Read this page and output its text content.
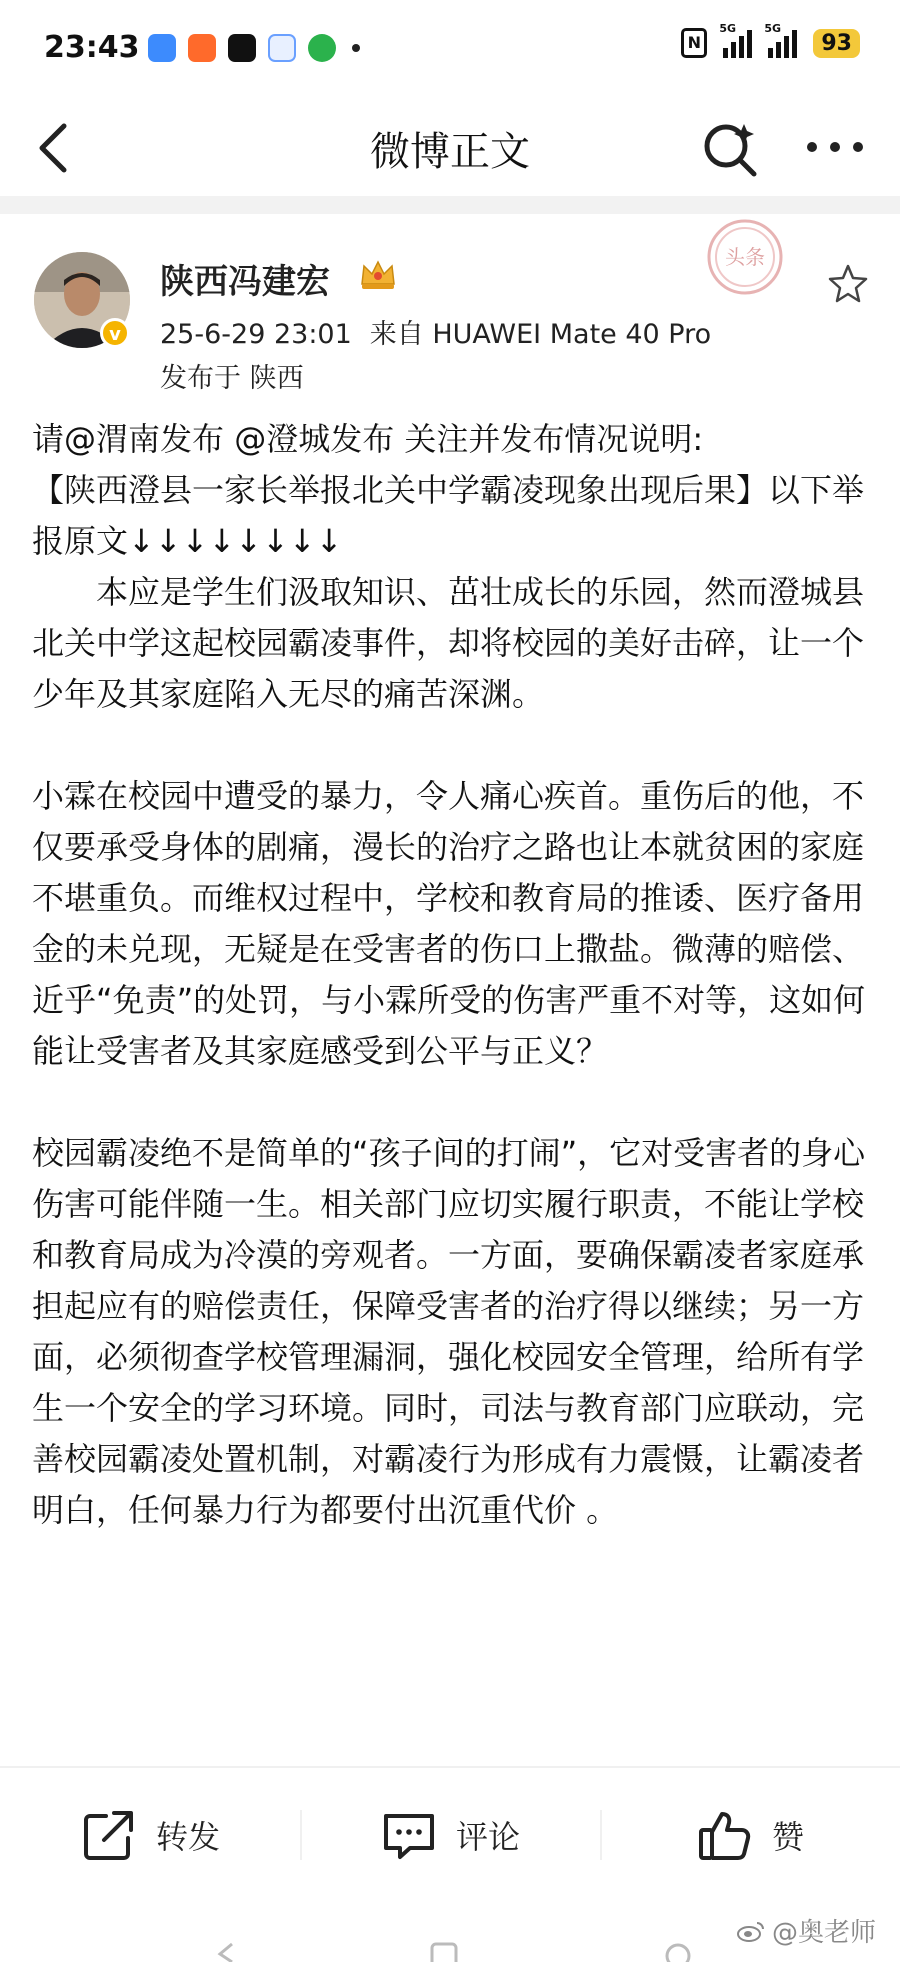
23:43	N
5G	5G
93
微博正文
v
陕西冯建宏
25-6-29 23:01 来自 HUAWEI Mate 40 Pro
发布于 陕西
头条

请@渭南发布 @澄城发布 关注并发布情况说明:

【陕西澄县一家长举报北关中学霸凌现象出现后果】以下举报原文↓↓↓↓↓↓↓↓

本应是学生们汲取知识、茁壮成长的乐园，然而澄城县北关中学这起校园霸凌事件，却将校园的美好击碎，让一个少年及其家庭陷入无尽的痛苦深渊。

小霖在校园中遭受的暴力，令人痛心疾首。重伤后的他，不仅要承受身体的剧痛，漫长的治疗之路也让本就贫困的家庭不堪重负。而维权过程中，学校和教育局的推诿、医疗备用金的未兑现，无疑是在受害者的伤口上撒盐。微薄的赔偿、近乎“免责”的处罚，与小霖所受的伤害严重不对等，这如何能让受害者及其家庭感受到公平与正义？

校园霸凌绝不是简单的“孩子间的打闹”，它对受害者的身心伤害可能伴随一生。相关部门应切实履行职责，不能让学校和教育局成为冷漠的旁观者。一方面，要确保霸凌者家庭承担起应有的赔偿责任，保障受害者的治疗得以继续；另一方面，必须彻查学校管理漏洞，强化校园安全管理，给所有学生一个安全的学习环境。同时，司法与教育部门应联动，完善校园霸凌处置机制，对霸凌行为形成有力震慑，让霸凌者明白，任何暴力行为都要付出沉重代价 。

转发	评论	赞
@奥老师
